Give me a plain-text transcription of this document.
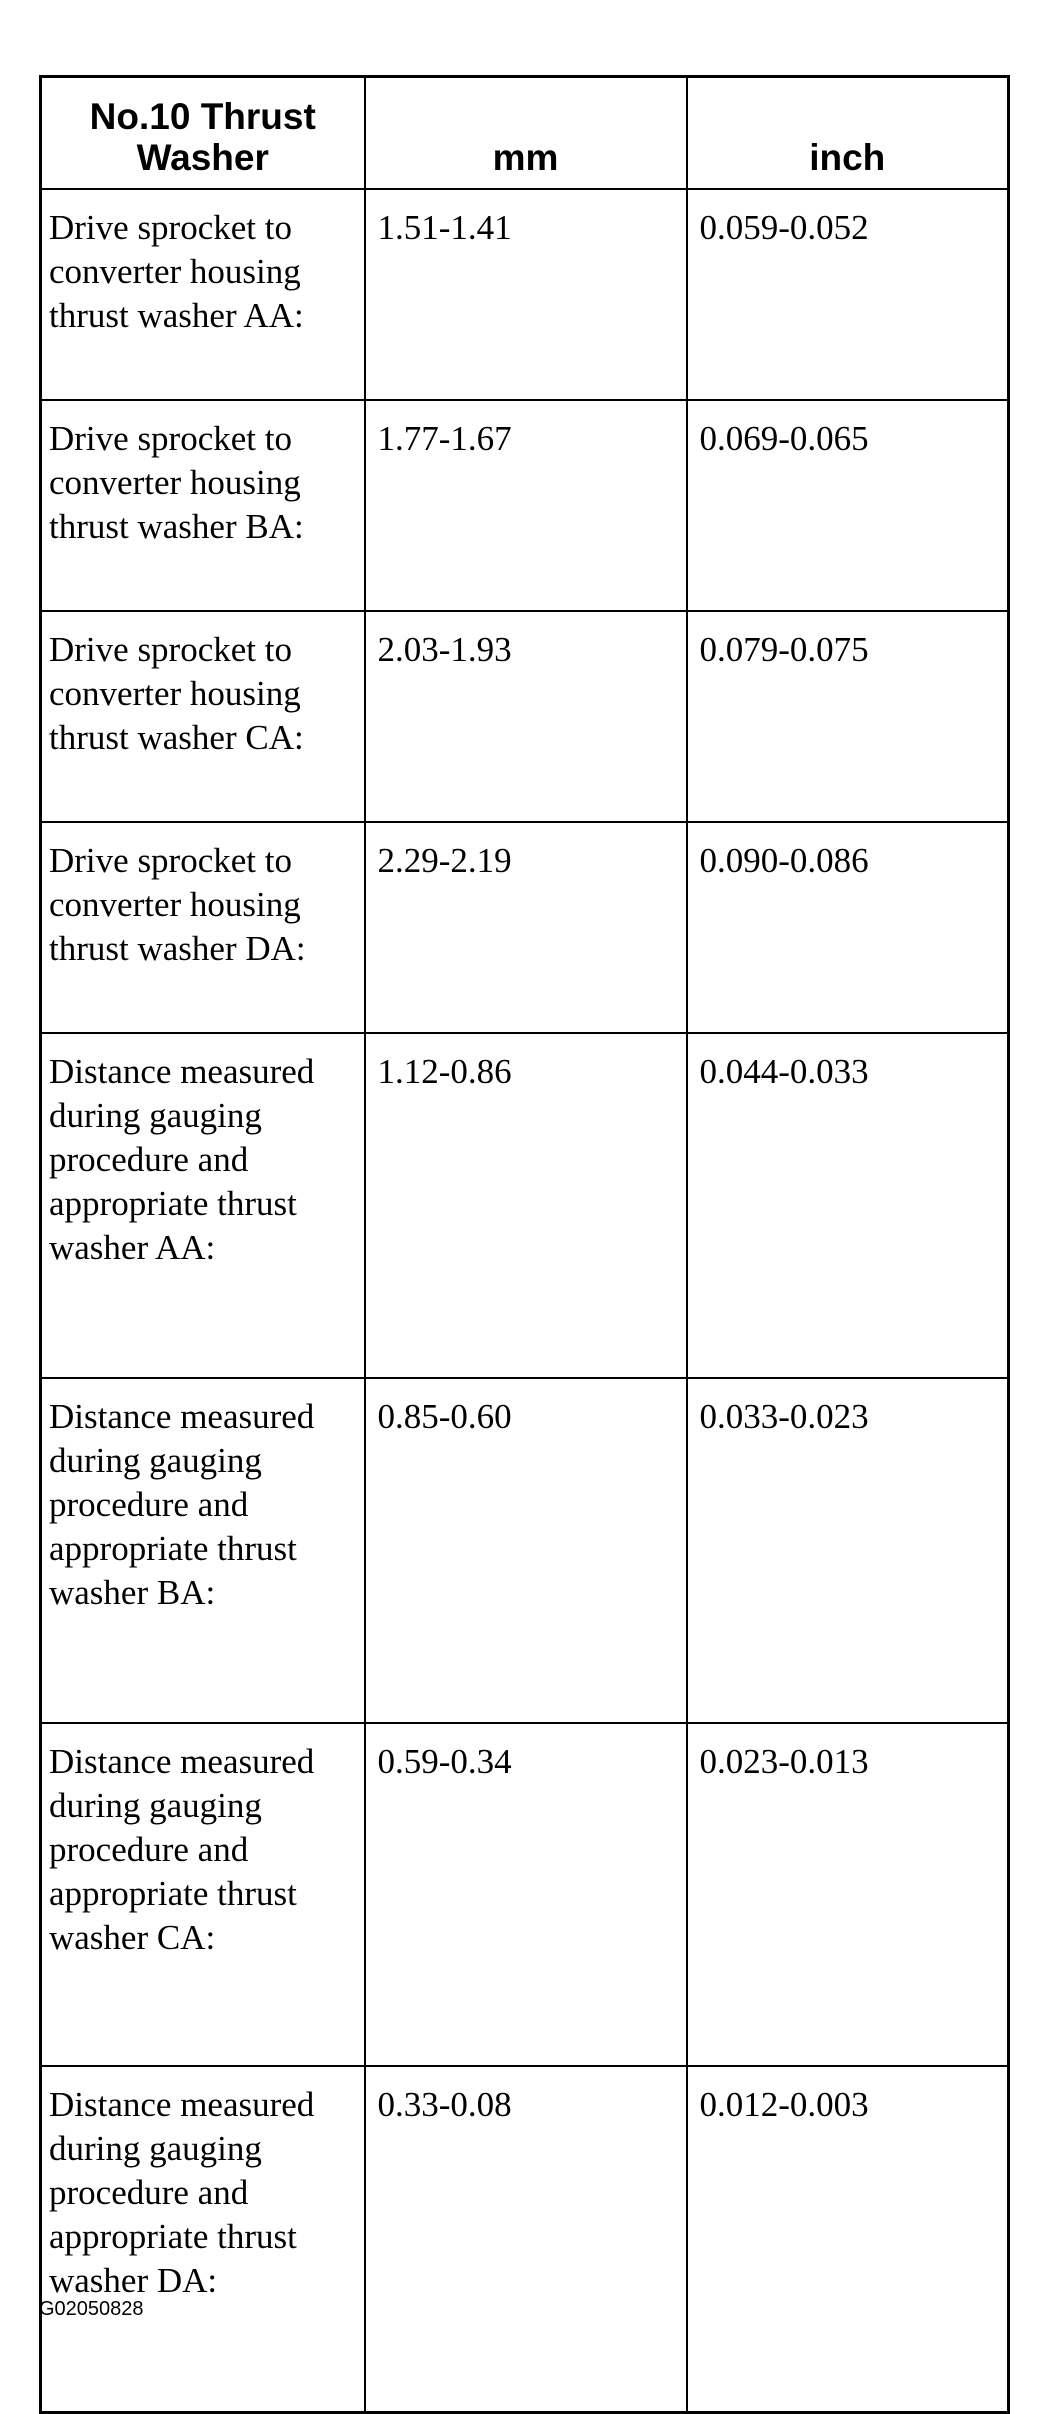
No.10 Thrust Washer	mm	inch
Drive sprocket to converter housing thrust washer AA:	1.51-1.41	0.059-0.052
Drive sprocket to converter housing thrust washer BA:	1.77-1.67	0.069-0.065
Drive sprocket to converter housing thrust washer CA:	2.03-1.93	0.079-0.075
Drive sprocket to converter housing thrust washer DA:	2.29-2.19	0.090-0.086
Distance measured during gauging procedure and appropriate thrust washer AA:	1.12-0.86	0.044-0.033
Distance measured during gauging procedure and appropriate thrust washer BA:	0.85-0.60	0.033-0.023
Distance measured during gauging procedure and appropriate thrust washer CA:	0.59-0.34	0.023-0.013
Distance measured during gauging procedure and appropriate thrust washer DA:	0.33-0.08	0.012-0.003
G02050828
